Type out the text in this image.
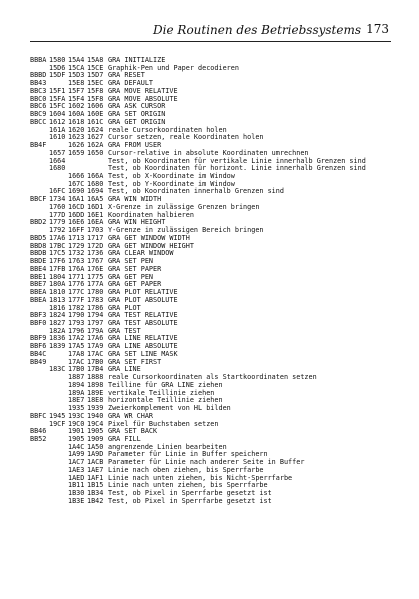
Die Routinen des Betriebssystems 173
BBBA 1580 15A4 15A8 GRA INITIALIZE
15D6 15CA 15CE Graphik-Pen und Paper decodieren
BBBD 15DF 15D3 15D7 GRA RESET
BB43	15E8 15EC GRA DEFAULT
BBC3 15F1 15F7 15F8 GRA MOVE RELATIVE
BBC0 15FA 15F4 15F8 GRA MOVE ABSOLUTE
BBC6 15FC 1602 1606 GRA ASK CURSOR
BBC9 1604 160A 160E GRA SET ORIGIN
BBCC 1612 1618 161C GRA GET ORIGIN
161A 1620 1624 reale Cursorkoordinaten holen
1610 1623 1627 Cursor setzen, reale Koordinaten holen
BB4F	1626 162A GRA FROM USER
1657 1659 1650 Cursor-relative in absolute Koordinaten umrechnen
1664	Test, ob Koordinaten für vertikale Linie innerhalb Grenzen sind
1680	Test, ob Koordinaten für horizont. Linie innerhalb Grenzen sind
1666 166A Test, ob X-Koordinate im Window
167C 1680 Test, ob Y-Koordinate im Window
16FC 1690 1694 Test, ob Koordinaten innerhalb Grenzen sind
BBCF 1734 16A1 16A5 GRA WIN WIDTH
1760 16CD 16D1 X-Grenze in zulässige Grenzen bringen
177D 16DD 16E1 Koordinaten halbieren
BBD2 1779 16E6 16EA GRA WIN HEIGHT
1792 16FF 1703 Y-Grenze in zulässigen Bereich bringen
BBD5 17A6 1713 1717 GRA GET WINDOW WIDTH
BBD8 17BC 1729 172D GRA GET WINDOW HEIGHT
BBDB 17C5 1732 1736 GRA CLEAR WINDOW
BBDE 17F6 1763 1767 GRA SET PEN
BBE4 17FB 176A 176E GRA SET PAPER
BBE1 1804 1771 1775 GRA GET PEN
BBE7 180A 1776 177A GRA GET PAPER
BBEA 1810 177C 1780 GRA PLOT RELATIVE
BBEA 1813 177F 1783 GRA PLOT ABSOLUTE
1816 1782 1786 GRA PLOT
BBF3 1824 1790 1794 GRA TEST RELATIVE
BBF0 1827 1793 1797 GRA TEST ABSOLUTE
182A 1796 179A GRA TEST
BBF9 1836 17A2 17A6 GRA LINE RELATIVE
BBF6 1839 17A5 17A9 GRA LINE ABSOLUTE
BB4C	17A8 17AC GRA SET LINE MASK
BB49	17AC 17B0 GRA SET FIRST
183C 17B0 17B4 GRA LINE
1887 1888 reale Cursorkoordinaten als Startkoordinaten setzen
1894 1898 Teilline für GRA LINE ziehen
189A 189E vertikale Teillinie ziehen
18E7 18E8 horizontale Teillinie ziehen
1935 1939 Zweierkomplement von HL bilden
BBFC 1945 193C 1940 GRA WR CHAR
19CF 19C0 19C4 Pixel für Buchstaben setzen
BB46	1901 1905 GRA SET BACK
BB52	1905 1909 GRA FILL
1A4C 1A50 angrenzende Linien bearbeiten
1A99 1A9D Parameter für Linie in Buffer speichern
1AC7 1ACB Parameter für Linie nach anderer Seite in Buffer
1AE3 1AE7 Linie nach oben ziehen, bis Sperrfarbe
1AED 1AF1 Linie nach unten ziehen, bis Nicht-Sperrfarbe
1B11 1B15 Linie nach unten ziehen, bis Sperrfarbe
1B30 1B34 Test, ob Pixel in Sperrfarbe gesetzt ist
1B3E 1B42 Test, ob Pixel in Sperrfarbe gesetzt ist
